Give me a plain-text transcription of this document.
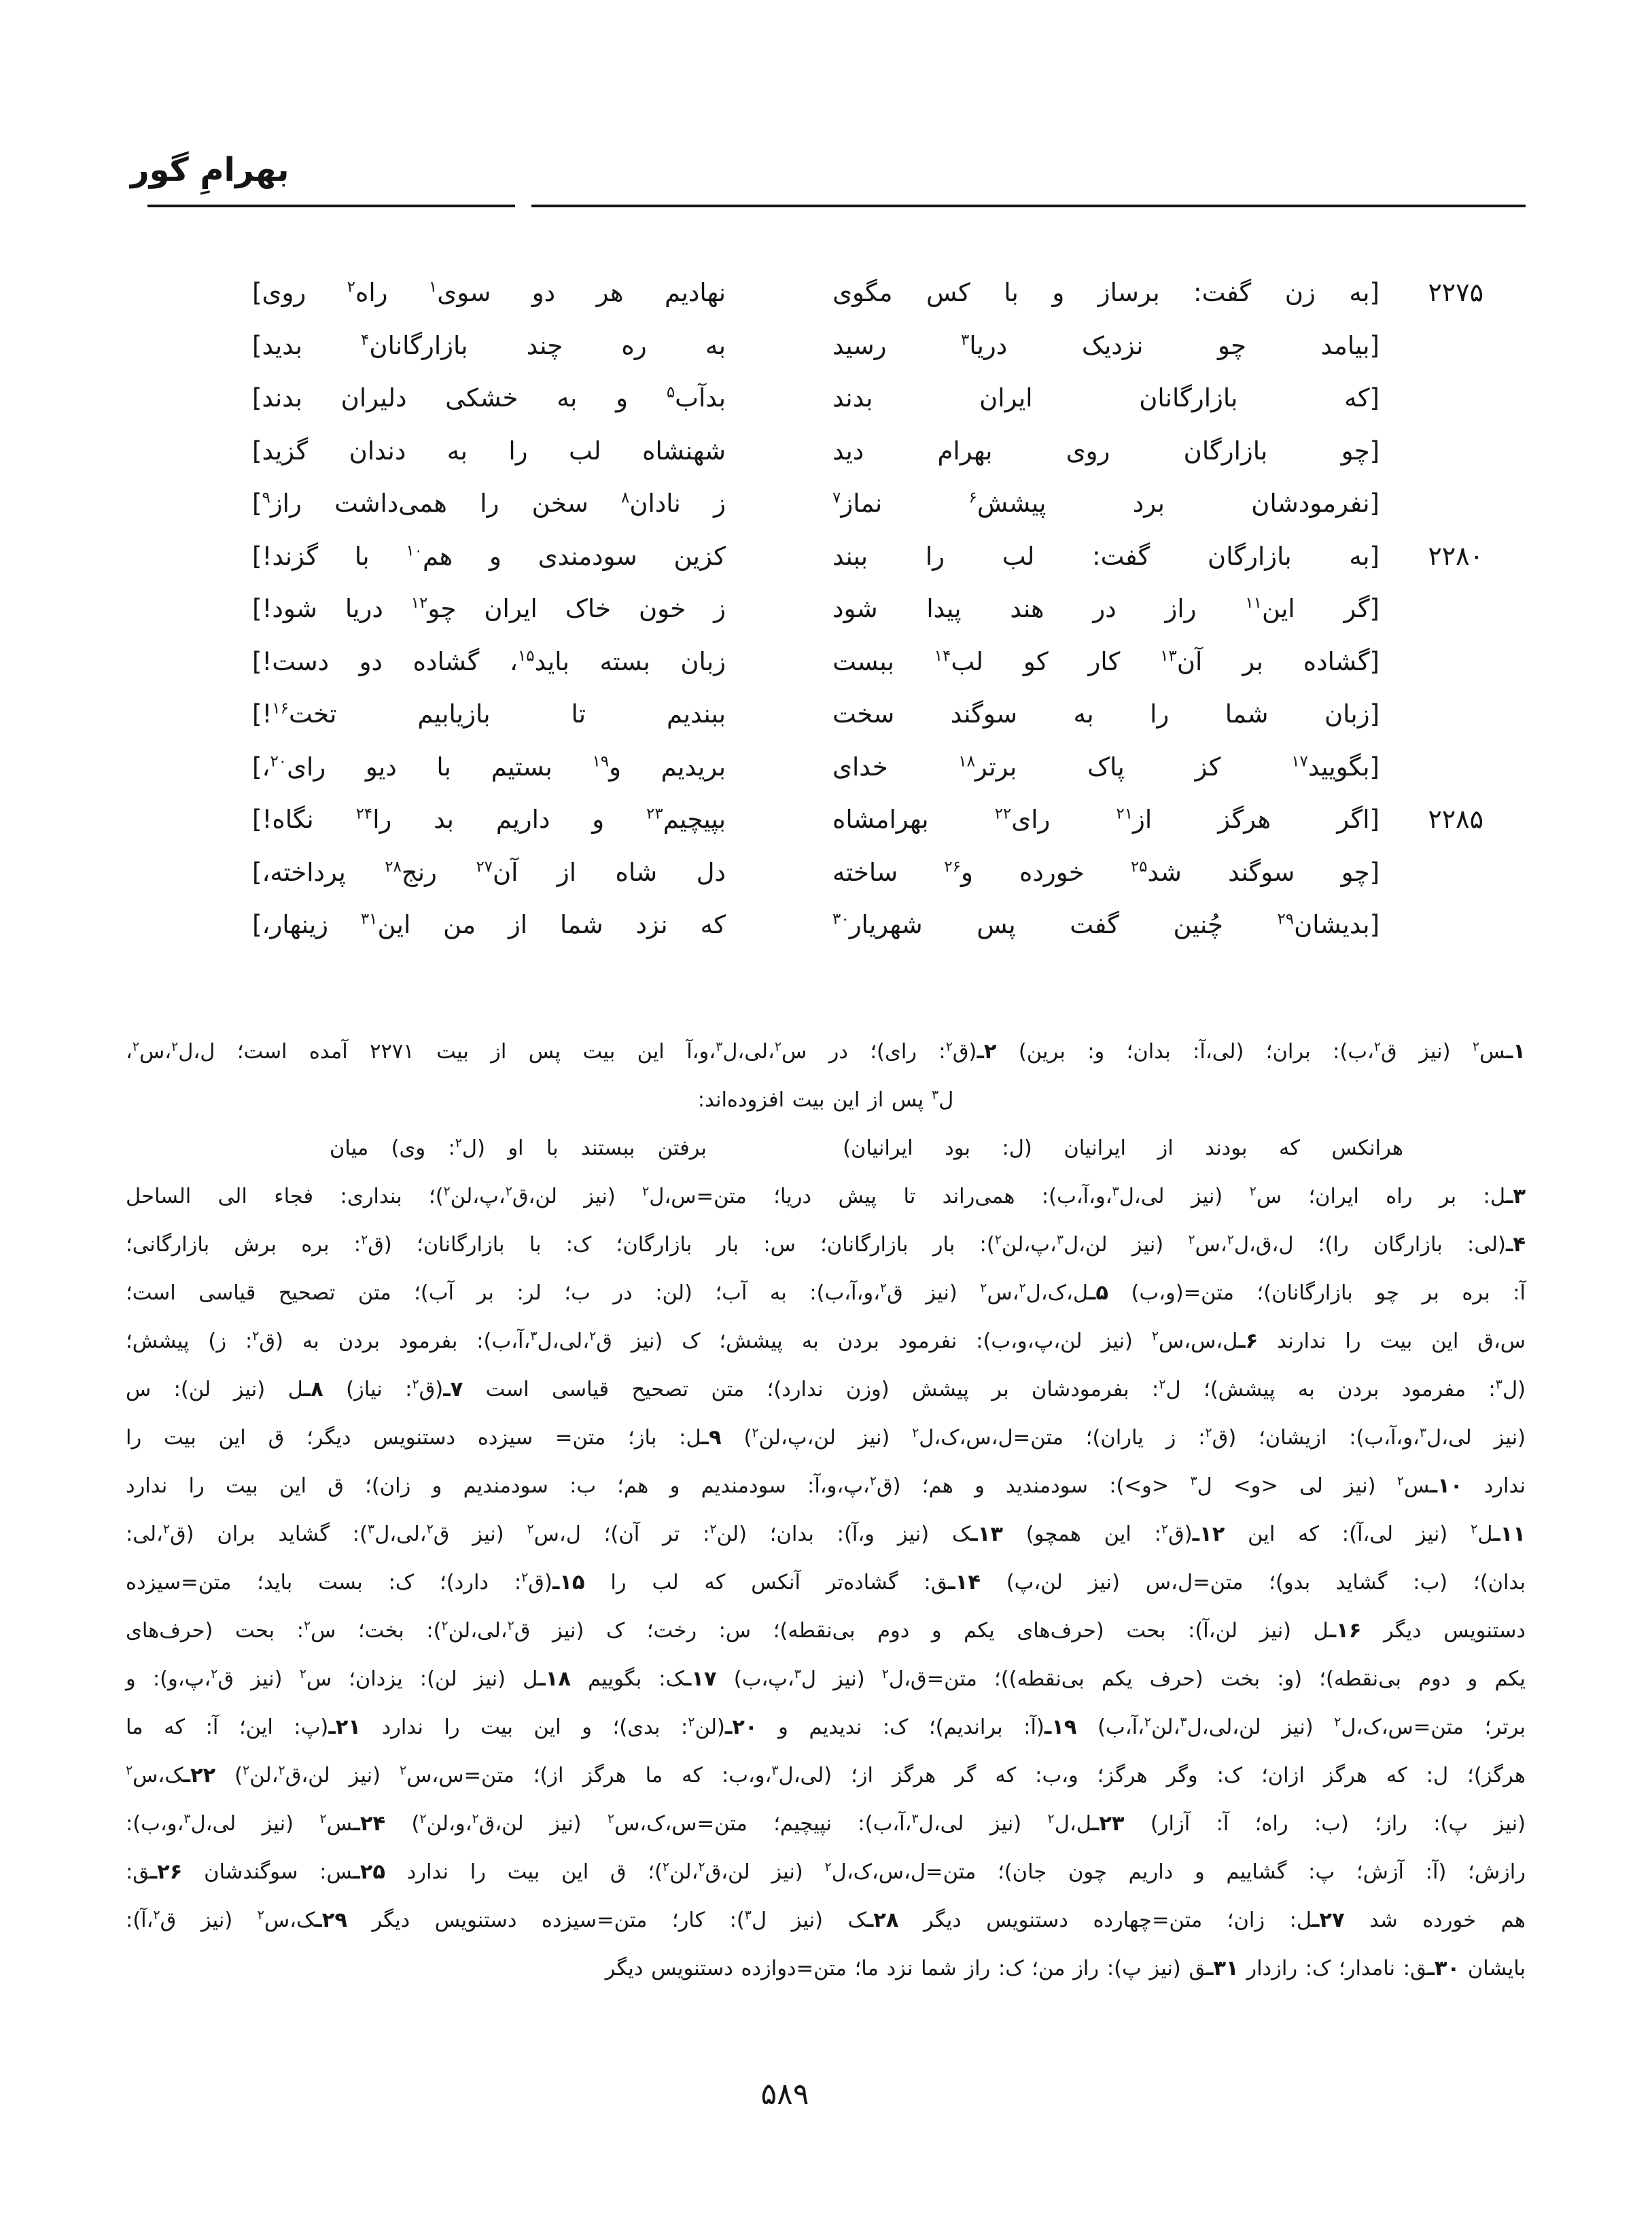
بهرامِ گور
۲۲۷۵
[به
زن
گفت:
برساز
و
با
کس
مگوی
نهادیم
هر
دو
سوی$^۱$
راه$^۲$
روی]
[بیامد
چو
نزدیک
دریا$^۳$
رسید
به
ره
چند
بازارگانان$^۴$
بدید]
[که
بازارگانان
ایران
بدند
بدآب$^۵$
و
به
خشکی
دلیران
بدند]
[چو
بازارگان
روی
بهرام
دید
شهنشاه
لب
را
به
دندان
گزید]
[نفرمودشان
برد
پیشش$^۶$
نماز$^۷$
ز
نادان$^۸$
سخن
را
همی‌داشت
راز$^۹$]
۲۲۸۰
[به
بازارگان
گفت:
لب
را
ببند
کزین
سودمندی
و
هم$^{۱۰}$
با
گزند!]
[گر
این$^{۱۱}$
راز
در
هند
پیدا
شود
ز
خون
خاک
ایران
چو$^{۱۲}$
دریا
شود!]
[گشاده
بر
آن$^{۱۳}$
کار
کو
لب$^{۱۴}$
ببست
زبان
بسته
باید$^{۱۵}$،
گشاده
دو
دست!]
[زبان
شما
را
به
سوگند
سخت
ببندیم
تا
بازیابیم
تخت$^{۱۶}$!]
[بگویید$^{۱۷}$
کز
پاک
برتر$^{۱۸}$
خدای
بریدیم
و$^{۱۹}$
بستیم
با
دیو
رای$^{۲۰}$،]
۲۲۸۵
[اگر
هرگز
از$^{۲۱}$
رای$^{۲۲}$
بهرامشاه
بپیچیم$^{۲۳}$
و
داریم
بد
را$^{۲۴}$
نگاه!]
[چو
سوگند
شد$^{۲۵}$
خورده
و$^{۲۶}$
ساخته
دل
شاه
از
آن$^{۲۷}$
رنج$^{۲۸}$
پرداخته،]
[بدیشان$^{۲۹}$
چُنین
گفت
پس
شهریار$^{۳۰}$
که
نزد
شما
از
من
این$^{۳۱}$
زینهار،]
۱ـس$^۲$ (نیز ق$^۲$،ب): بران؛ (لی،آ: بدان؛ و: برین) ۲ـ(ق$^۲$: رای)؛ در س$^۲$،لی،ل$^۳$،و،آ این بیت پس از بیت ۲۲۷۱ آمده است؛ ل،ل$^۲$،س$^۲$،
ل$^۳$ پس از این بیت افزوده‌اند:
هرانکس
که
بودند
از
ایرانیان
(ل:
بود
ایرانیان)
برفتن
ببستند
با
او
(ل$^۲$:
وی)
میان
۳ـل: بر راه ایران؛ س$^۲$ (نیز لی،ل$^۳$،و،آ،ب): همی‌راند تا پیش دریا؛ متن=س،ل$^۲$ (نیز لن،ق$^۲$،پ،لن$^۲$)؛ بنداری: فجاء الی الساحل
۴ـ(لی: بازارگان را)؛ ل،ق،ل$^۲$،س$^۲$ (نیز لن،ل$^۳$،پ،لن$^۲$): بار بازارگانان؛ س: بار بازارگان؛ ک: با بازارگانان؛ (ق$^۲$: بره برش بازارگانی؛
آ: بره بر چو بازارگانان)؛ متن=(و،ب) ۵ـل،ک،ل$^۲$،س$^۲$ (نیز ق$^۲$،و،آ،ب): به آب؛ (لن: در ب؛ لر: بر آب)؛ متن تصحیح قیاسی است؛
س،ق این بیت را ندارند ۶ـل،س،س$^۲$ (نیز لن،پ،و،ب): نفرمود بردن به پیشش؛ ک (نیز ق$^۲$،لی،ل$^۳$،آ،ب): بفرمود بردن به (ق$^۲$: ز) پیشش؛
(ل$^۳$: مفرمود بردن به پیشش)؛ ل$^۲$: بفرمودشان بر پیشش (وزن ندارد)؛ متن تصحیح قیاسی است ۷ـ(ق$^۲$: نیاز) ۸ـل (نیز لن): س
(نیز لی،ل$^۳$،و،آ،ب): ازیشان؛ (ق$^۲$: ز یاران)؛ متن=ل،س،ک،ل$^۲$ (نیز لن،پ،لن$^۲$) ۹ـل: باز؛ متن= سیزده دستنویس دیگر؛ ق این بیت را
ندارد ۱۰ـس$^۲$ (نیز لی <و> ل$^۳$ <و>): سودمندید و هم؛ (ق$^۲$،پ،و،آ: سودمندیم و هم؛ ب: سودمندیم و زان)؛ ق این بیت را ندارد
۱۱ـل$^۲$ (نیز لی،آ): که این ۱۲ـ(ق$^۲$: این همچو) ۱۳ـک (نیز و،آ): بدان؛ (لن$^۲$: تر آن)؛ ل،س$^۲$ (نیز ق$^۲$،لی،ل$^۳$): گشاید بران (ق$^۲$،لی:
بدان)؛ (ب: گشاید بدو)؛ متن=ل،س (نیز لن،پ) ۱۴ـق: گشاده‌تر آنکس که لب را ۱۵ـ(ق$^۲$: دارد)؛ ک: بست باید؛ متن=سیزده
دستنویس دیگر ۱۶ـل (نیز لن،آ): بحت (حرف‌های یکم و دوم بی‌نقطه)؛ س: رخت؛ ک (نیز ق$^۲$،لی،لن$^۲$): بخت؛ س$^۲$: بحت (حرف‌های
یکم و دوم بی‌نقطه)؛ (و: بخت (حرف یکم بی‌نقطه))؛ متن=ق،ل$^۲$ (نیز ل$^۳$،پ،ب) ۱۷ـک: بگوییم ۱۸ـل (نیز لن): یزدان؛ س$^۲$ (نیز ق$^۲$،پ،و): و
برتر؛ متن=س،ک،ل$^۲$ (نیز لن،لی،ل$^۳$،لن$^۲$،آ،ب) ۱۹ـ(آ: براندیم)؛ ک: ندیدیم و ۲۰ـ(لن$^۲$: بدی)؛ و این بیت را ندارد ۲۱ـ(پ: این؛ آ: که ما
هرگز)؛ ل: که هرگز ازان؛ ک: وگر هرگز؛ و،ب: که گر هرگز از؛ (لی،ل$^۳$،و،ب: که ما هرگز از)؛ متن=س،س$^۲$ (نیز لن،ق$^۲$،لن$^۲$) ۲۲ـک،س$^۲$
(نیز پ): راز؛ (ب: راه؛ آ: آزار) ۲۳ـل،ل$^۲$ (نیز لی،ل$^۳$،آ،ب): نپیچیم؛ متن=س،ک،س$^۲$ (نیز لن،ق$^۲$،و،لن$^۲$) ۲۴ـس$^۲$ (نیز لی،ل$^۳$،و،ب):
رازش؛ (آ: آزش؛ پ: گشاییم و داریم چون جان)؛ متن=ل،س،ک،ل$^۲$ (نیز لن،ق$^۲$،لن$^۲$)؛ ق این بیت را ندارد ۲۵ـس: سوگندشان ۲۶ـق:
هم خورده شد ۲۷ـل: زان؛ متن=چهارده دستنویس دیگر ۲۸ـک (نیز ل$^۳$): کار؛ متن=سیزده دستنویس دیگر ۲۹ـک،س$^۲$ (نیز ق$^۲$،آ):
بایشان ۳۰ـق: نامدار؛ ک: رازدار ۳۱ـق (نیز پ): راز من؛ ک: راز شما نزد ما؛ متن=دوازده دستنویس دیگر
۵۸۹
